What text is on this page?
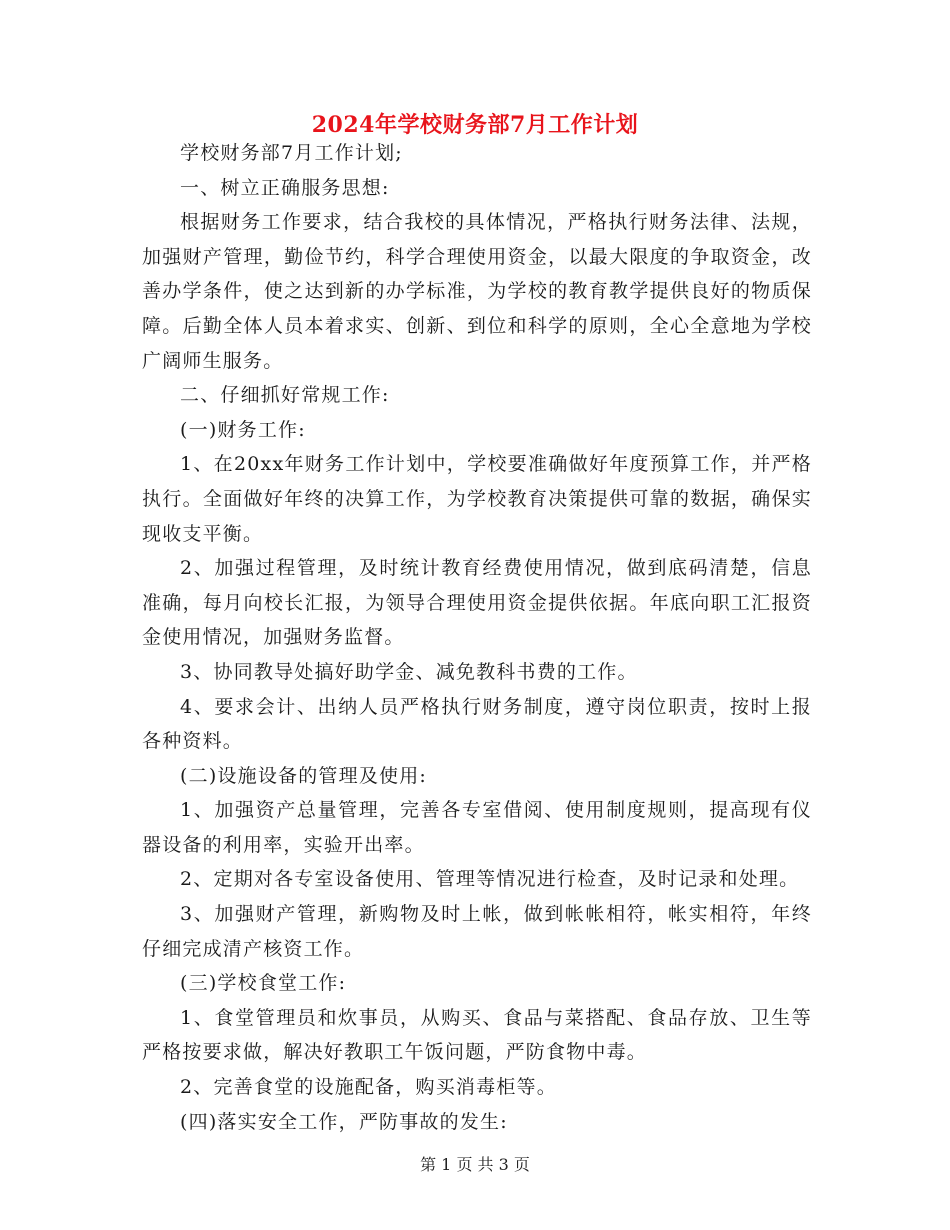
2024年学校财务部7月工作计划

学校财务部7月工作计划;

一、树立正确服务思想:

根据财务工作要求，结合我校的具体情况，严格执行财务法律、法规，加强财产管理，勤俭节约，科学合理使用资金，以最大限度的争取资金，改善办学条件，使之达到新的办学标准，为学校的教育教学提供良好的物质保障。后勤全体人员本着求实、创新、到位和科学的原则，全心全意地为学校广阔师生服务。

二、仔细抓好常规工作:

(一)财务工作:

1、在20xx年财务工作计划中，学校要准确做好年度预算工作，并严格执行。全面做好年终的决算工作，为学校教育决策提供可靠的数据，确保实现收支平衡。

2、加强过程管理，及时统计教育经费使用情况，做到底码清楚，信息准确，每月向校长汇报，为领导合理使用资金提供依据。年底向职工汇报资金使用情况，加强财务监督。

3、协同教导处搞好助学金、减免教科书费的工作。

4、要求会计、出纳人员严格执行财务制度，遵守岗位职责，按时上报各种资料。

(二)设施设备的管理及使用:

1、加强资产总量管理，完善各专室借阅、使用制度规则，提高现有仪器设备的利用率，实验开出率。

2、定期对各专室设备使用、管理等情况进行检查，及时记录和处理。

3、加强财产管理，新购物及时上帐，做到帐帐相符，帐实相符，年终仔细完成清产核资工作。

(三)学校食堂工作:

1、食堂管理员和炊事员，从购买、食品与菜搭配、食品存放、卫生等严格按要求做，解决好教职工午饭问题，严防食物中毒。

2、完善食堂的设施配备，购买消毒柜等。

(四)落实安全工作，严防事故的发生:

第 1 页 共 3 页
